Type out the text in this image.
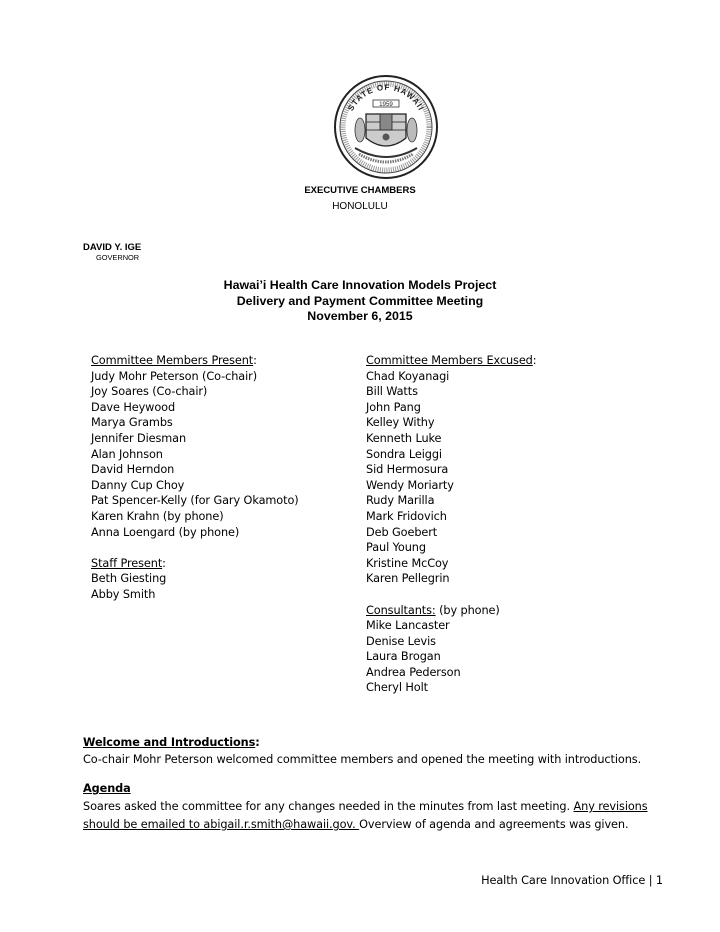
STATE OF HAWAII
1959
EXECUTIVE CHAMBERS
HONOLULU
DAVID Y. IGE
GOVERNOR
Hawai’i Health Care Innovation Models Project
Delivery and Payment Committee Meeting
November 6, 2015
Committee Members Present:
Judy Mohr Peterson (Co-chair)
Joy Soares (Co-chair)
Dave Heywood
Marya Grambs
Jennifer Diesman
Alan Johnson
David Herndon
Danny Cup Choy
Pat Spencer-Kelly (for Gary Okamoto)
Karen Krahn (by phone)
Anna Loengard (by phone)
Staff Present:
Beth Giesting
Abby Smith
Committee Members Excused:
Chad Koyanagi
Bill Watts
John Pang
Kelley Withy
Kenneth Luke
Sondra Leiggi
Sid Hermosura
Wendy Moriarty
Rudy Marilla
Mark Fridovich
Deb Goebert
Paul Young
Kristine McCoy
Karen Pellegrin
Consultants: (by phone)
Mike Lancaster
Denise Levis
Laura Brogan
Andrea Pederson
Cheryl Holt
Welcome and Introductions:
Co-chair Mohr Peterson welcomed committee members and opened the meeting with introductions.
Agenda
Soares asked the committee for any changes needed in the minutes from last meeting. Any revisions
should be emailed to abigail.r.smith@hawaii.gov. Overview of agenda and agreements was given.
Health Care Innovation Office | 1
